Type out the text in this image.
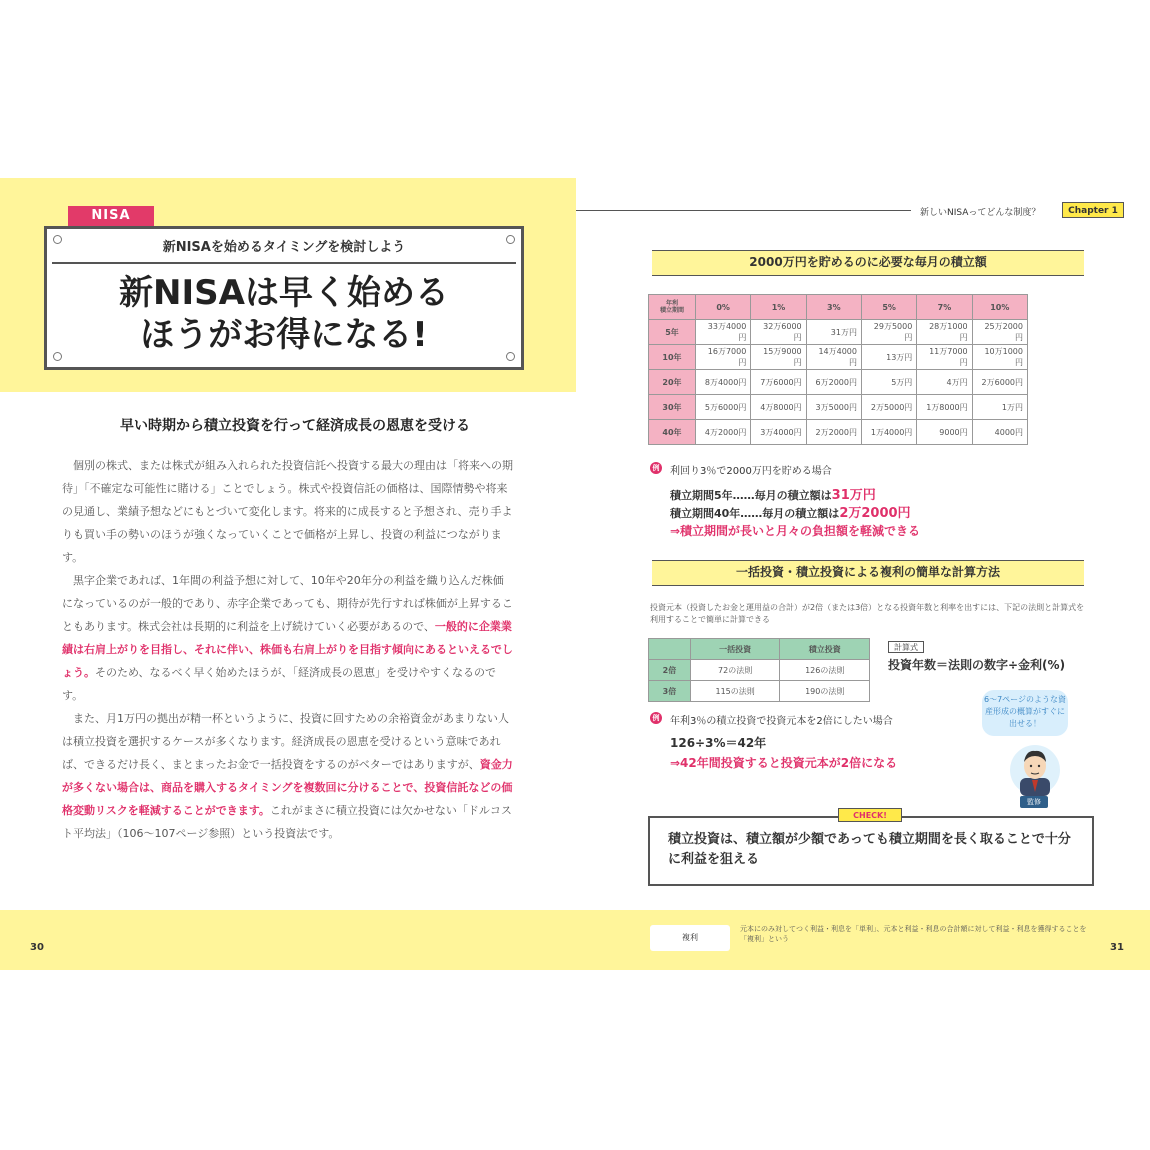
NISA
新NISAを始めるタイミングを検討しよう
新NISAは早く始める
ほうがお得になる!
早い時期から積立投資を行って経済成長の恩恵を受ける

　個別の株式、または株式が組み入れられた投資信託へ投資する最大の理由は「将来への期待」「不確定な可能性に賭ける」ことでしょう。株式や投資信託の価格は、国際情勢や将来の見通し、業績予想などにもとづいて変化します。将来的に成長すると予想され、売り手よりも買い手の勢いのほうが強くなっていくことで価格が上昇し、投資の利益につながります。

　黒字企業であれば、1年間の利益予想に対して、10年や20年分の利益を織り込んだ株価になっているのが一般的であり、赤字企業であっても、期待が先行すれば株価が上昇することもあります。株式会社は長期的に利益を上げ続けていく必要があるので、一般的に企業業績は右肩上がりを目指し、それに伴い、株価も右肩上がりを目指す傾向にあるといえるでしょう。そのため、なるべく早く始めたほうが、「経済成長の恩恵」を受けやすくなるのです。

　また、月1万円の拠出が精一杯というように、投資に回すための余裕資金があまりない人は積立投資を選択するケースが多くなります。経済成長の恩恵を受けるという意味であれば、できるだけ長く、まとまったお金で一括投資をするのがベターではありますが、資金力が多くない場合は、商品を購入するタイミングを複数回に分けることで、投資信託などの価格変動リスクを軽減することができます。これがまさに積立投資には欠かせない「ドルコスト平均法」（106～107ページ参照）という投資法です。

30
新しいNISAってどんな制度？	Chapter 1
2000万円を貯めるのに必要な毎月の積立額
年利
積立期間	0%	1%	3%	5%	7%	10%
5年	33万4000円	32万6000円	31万円	29万5000円	28万1000円	25万2000円
10年	16万7000円	15万9000円	14万4000円	13万円	11万7000円	10万1000円
20年	8万4000円	7万6000円	6万2000円	5万円	4万円	2万6000円
30年	5万6000円	4万8000円	3万5000円	2万5000円	1万8000円	1万円
40年	4万2000円	3万4000円	2万2000円	1万4000円	9000円	4000円
例 利回り3％で2000万円を貯める場合
積立期間5年……毎月の積立額は31万円
積立期間40年……毎月の積立額は2万2000円
⇒積立期間が長いと月々の負担額を軽減できる
一括投資・積立投資による複利の簡単な計算方法
投資元本（投資したお金と運用益の合計）が2倍（または3倍）となる投資年数と利率を出すには、下記の法則と計算式を利用することで簡単に計算できる
	一括投資	積立投資
2倍	72の法則	126の法則
3倍	115の法則	190の法則
計算式
投資年数＝法則の数字÷金利(%)
6～7ページのような資産形成の概算がすぐに出せる！
例 年利3％の積立投資で投資元本を2倍にしたい場合
126÷3%＝42年
⇒42年間投資すると投資元本が2倍になる
監修
CHECK!
積立投資は、積立額が少額であっても積立期間を長く取ることで十分に利益を狙える
複利
元本にのみ対してつく利益・利息を「単利」、元本と利益・利息の合計額に対して利益・利息を獲得することを「複利」という
31
